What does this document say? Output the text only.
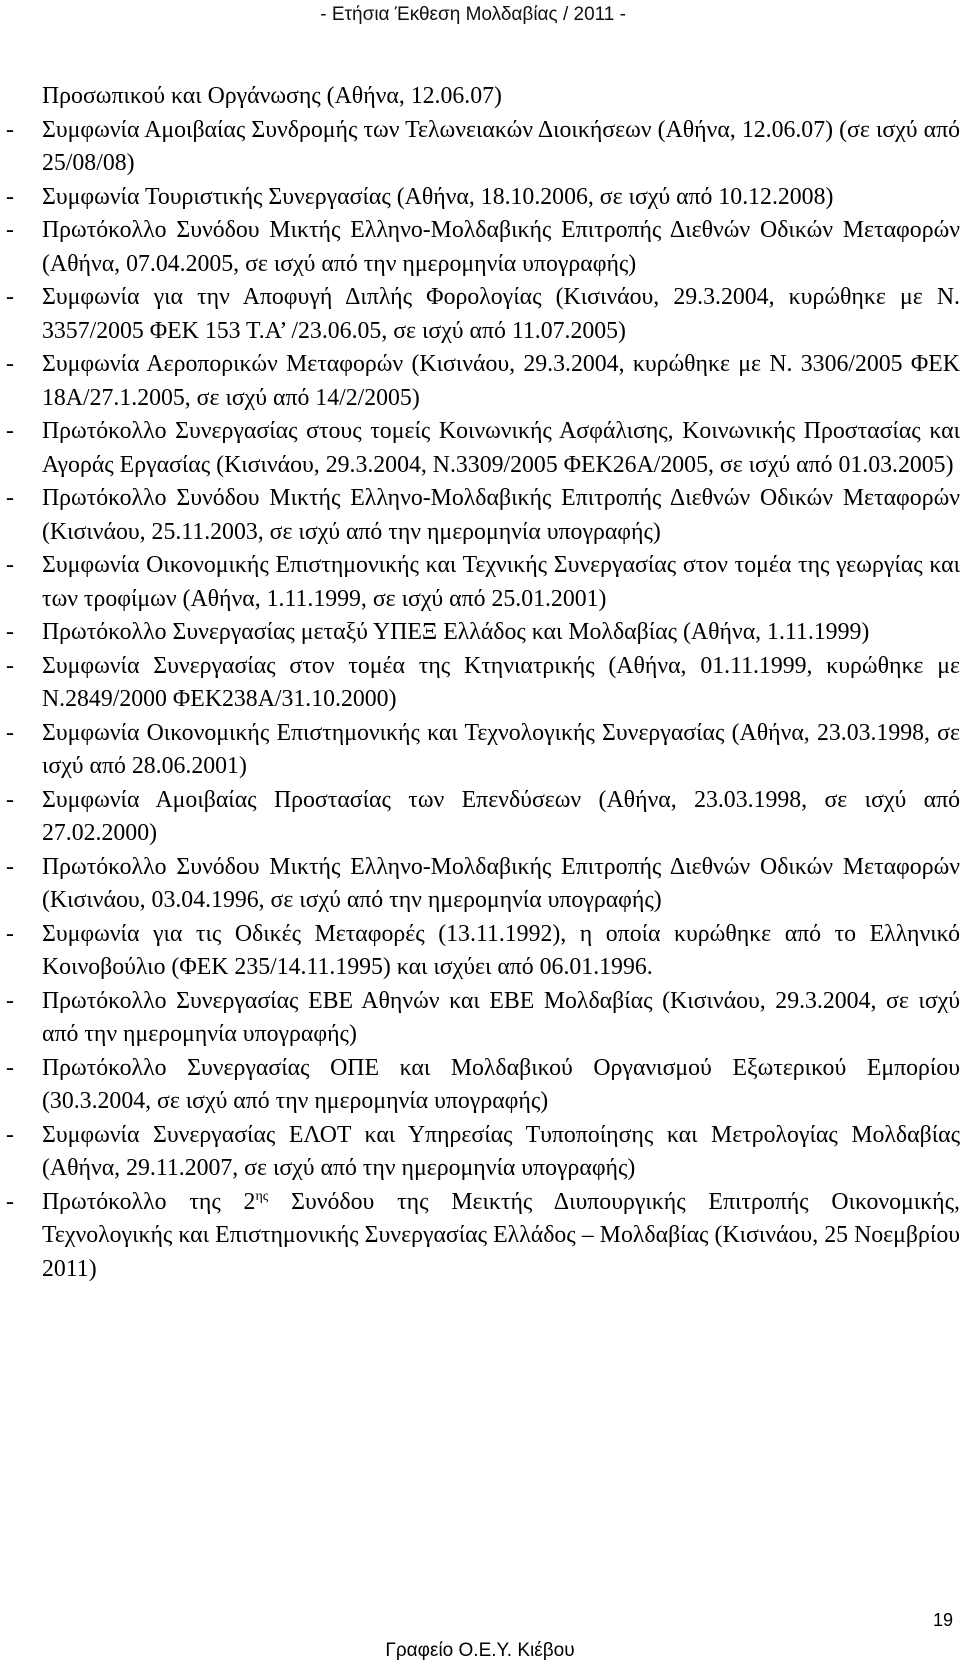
- Ετήσια Έκθεση Μολδαβίας / 2011 -
Προσωπικού και Οργάνωσης (Αθήνα, 12.06.07)
- Συμφωνία Αμοιβαίας Συνδρομής των Τελωνειακών Διοικήσεων (Αθήνα, 12.06.07) (σε ισχύ από 25/08/08)
- Συμφωνία Τουριστικής Συνεργασίας (Αθήνα, 18.10.2006, σε ισχύ από 10.12.2008)
- Πρωτόκολλο Συνόδου Μικτής Ελληνο-Μολδαβικής Επιτροπής Διεθνών Οδικών Μεταφορών (Αθήνα, 07.04.2005, σε ισχύ από την ημερομηνία υπογραφής)
- Συμφωνία για την Αποφυγή Διπλής Φορολογίας (Κισινάου, 29.3.2004, κυρώθηκε με Ν. 3357/2005 ΦΕΚ 153 Τ.Α’ /23.06.05, σε ισχύ από 11.07.2005)
- Συμφωνία Αεροπορικών Μεταφορών (Κισινάου, 29.3.2004, κυρώθηκε με Ν. 3306/2005 ΦΕΚ 18Α/27.1.2005, σε ισχύ από 14/2/2005)
- Πρωτόκολλο Συνεργασίας στους τομείς Κοινωνικής Ασφάλισης, Κοινωνικής Προστασίας και Αγοράς Εργασίας (Κισινάου, 29.3.2004, Ν.3309/2005 ΦΕΚ26Α/2005, σε ισχύ από 01.03.2005)
- Πρωτόκολλο Συνόδου Μικτής Ελληνο-Μολδαβικής Επιτροπής Διεθνών Οδικών Μεταφορών (Κισινάου, 25.11.2003, σε ισχύ από την ημερομηνία υπογραφής)
- Συμφωνία Οικονομικής Επιστημονικής και Τεχνικής Συνεργασίας στον τομέα της γεωργίας και των τροφίμων (Αθήνα, 1.11.1999, σε ισχύ από 25.01.2001)
- Πρωτόκολλο Συνεργασίας μεταξύ ΥΠΕΞ Ελλάδος και Μολδαβίας (Αθήνα, 1.11.1999)
- Συμφωνία Συνεργασίας στον τομέα της Κτηνιατρικής (Αθήνα, 01.11.1999, κυρώθηκε με Ν.2849/2000 ΦΕΚ238Α/31.10.2000)
- Συμφωνία Οικονομικής Επιστημονικής και Τεχνολογικής Συνεργασίας (Αθήνα, 23.03.1998, σε ισχύ από 28.06.2001)
- Συμφωνία Αμοιβαίας Προστασίας των Επενδύσεων (Αθήνα, 23.03.1998, σε ισχύ από 27.02.2000)
- Πρωτόκολλο Συνόδου Μικτής Ελληνο-Μολδαβικής Επιτροπής Διεθνών Οδικών Μεταφορών (Κισινάου, 03.04.1996, σε ισχύ από την ημερομηνία υπογραφής)
- Συμφωνία για τις Οδικές Μεταφορές (13.11.1992), η οποία κυρώθηκε από το Ελληνικό Κοινοβούλιο (ΦΕΚ 235/14.11.1995) και ισχύει από 06.01.1996.
- Πρωτόκολλο Συνεργασίας ΕΒΕ Αθηνών και ΕΒΕ Μολδαβίας (Κισινάου, 29.3.2004, σε ισχύ από την ημερομηνία υπογραφής)
- Πρωτόκολλο Συνεργασίας ΟΠΕ και Μολδαβικού Οργανισμού Εξωτερικού Εμπορίου (30.3.2004, σε ισχύ από την ημερομηνία υπογραφής)
- Συμφωνία Συνεργασίας ΕΛΟΤ και Υπηρεσίας Τυποποίησης και Μετρολογίας Μολδαβίας (Αθήνα, 29.11.2007, σε ισχύ από την ημερομηνία υπογραφής)
- Πρωτόκολλο της $2^{\eta\varsigma}$ Συνόδου της Μεικτής Διυπουργικής Επιτροπής Οικονομικής, Τεχνολογικής και Επιστημονικής Συνεργασίας Ελλάδος – Μολδαβίας (Κισινάου, 25 Νοεμβρίου 2011)
19
Γραφείο Ο.Ε.Υ. Κιέβου
